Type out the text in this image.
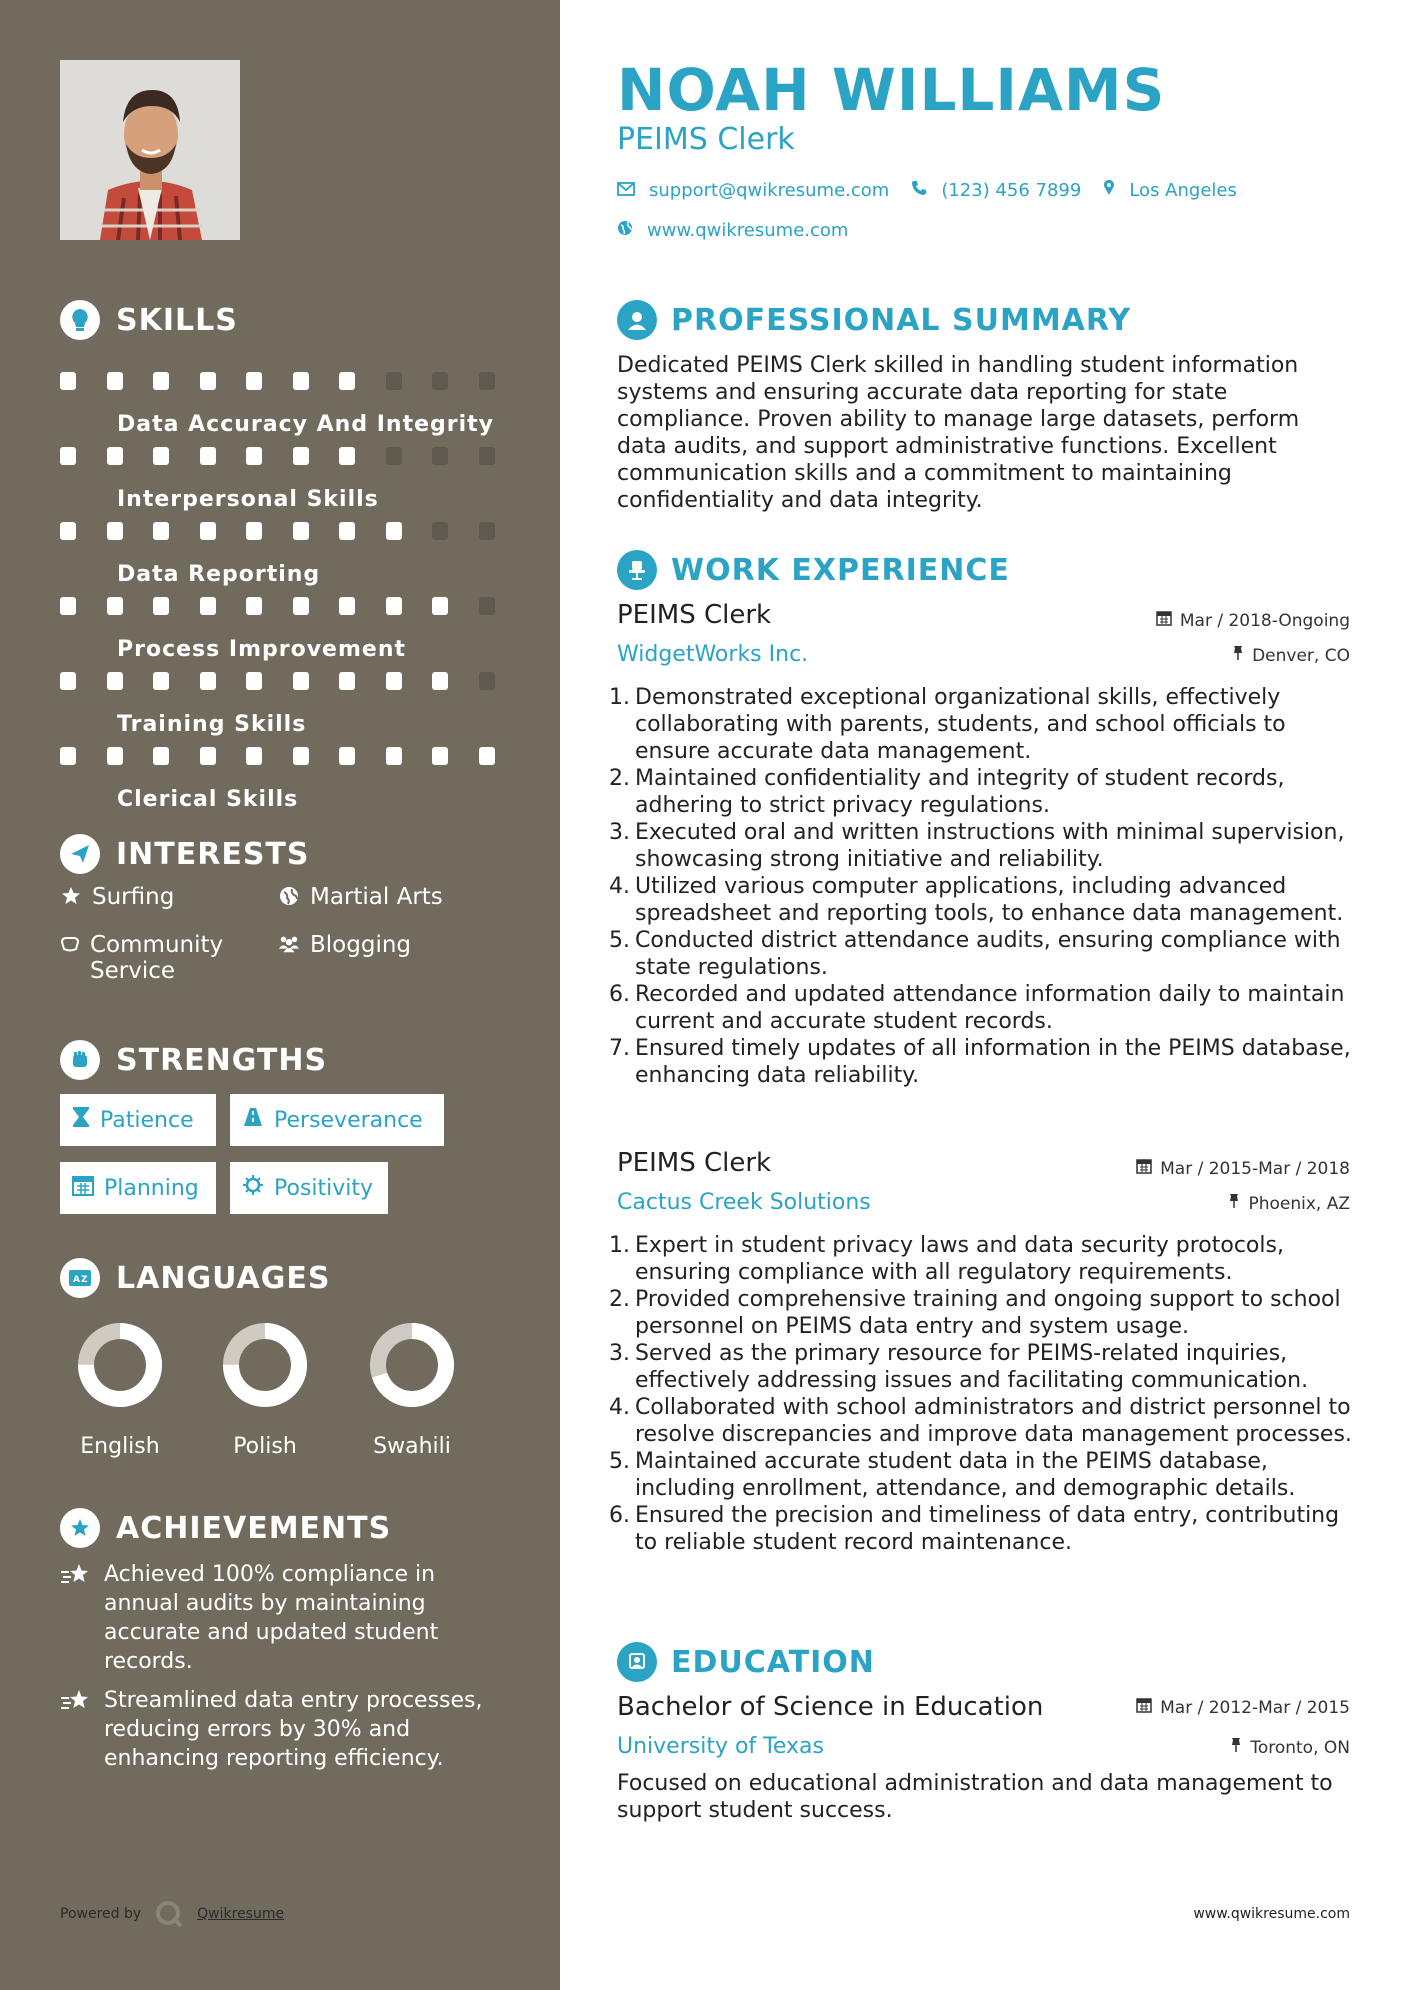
SKILLS
Data Accuracy And Integrity
Interpersonal Skills
Data Reporting
Process Improvement
Training Skills
Clerical Skills
INTERESTS
Surfing	Martial Arts
Community Service
Blogging
STRENGTHS
Patience	Perseverance
Planning	Positivity
A Z LANGUAGES
English	Polish	Swahili
ACHIEVEMENTS
Achieved 100% compliance in annual audits by maintaining accurate and updated student records.
Streamlined data entry processes, reducing errors by 30% and enhancing reporting efficiency.
Powered by	Qwikresume
NOAH WILLIAMS
PEIMS Clerk
support@qwikresume.com	(123) 456 7899	Los Angeles
www.qwikresume.com
PROFESSIONAL SUMMARY
Dedicated PEIMS Clerk skilled in handling student information systems and ensuring accurate data reporting for state compliance. Proven ability to manage large datasets, perform data audits, and support administrative functions. Excellent communication skills and a commitment to maintaining confidentiality and data integrity.
WORK EXPERIENCE
PEIMS Clerk	Mar / 2018-Ongoing
WidgetWorks Inc.	Denver, CO
1. Demonstrated exceptional organizational skills, effectively collaborating with parents, students, and school officials to ensure accurate data management.
2. Maintained confidentiality and integrity of student records, adhering to strict privacy regulations.
3. Executed oral and written instructions with minimal supervision, showcasing strong initiative and reliability.
4. Utilized various computer applications, including advanced spreadsheet and reporting tools, to enhance data management.
5. Conducted district attendance audits, ensuring compliance with state regulations.
6. Recorded and updated attendance information daily to maintain current and accurate student records.
7. Ensured timely updates of all information in the PEIMS database, enhancing data reliability.
PEIMS Clerk	Mar / 2015-Mar / 2018
Cactus Creek Solutions	Phoenix, AZ
1. Expert in student privacy laws and data security protocols, ensuring compliance with all regulatory requirements.
2. Provided comprehensive training and ongoing support to school personnel on PEIMS data entry and system usage.
3. Served as the primary resource for PEIMS-related inquiries, effectively addressing issues and facilitating communication.
4. Collaborated with school administrators and district personnel to resolve discrepancies and improve data management processes.
5. Maintained accurate student data in the PEIMS database, including enrollment, attendance, and demographic details.
6. Ensured the precision and timeliness of data entry, contributing to reliable student record maintenance.
EDUCATION
Bachelor of Science in Education	Mar / 2012-Mar / 2015
University of Texas	Toronto, ON
Focused on educational administration and data management to support student success.
www.qwikresume.com
